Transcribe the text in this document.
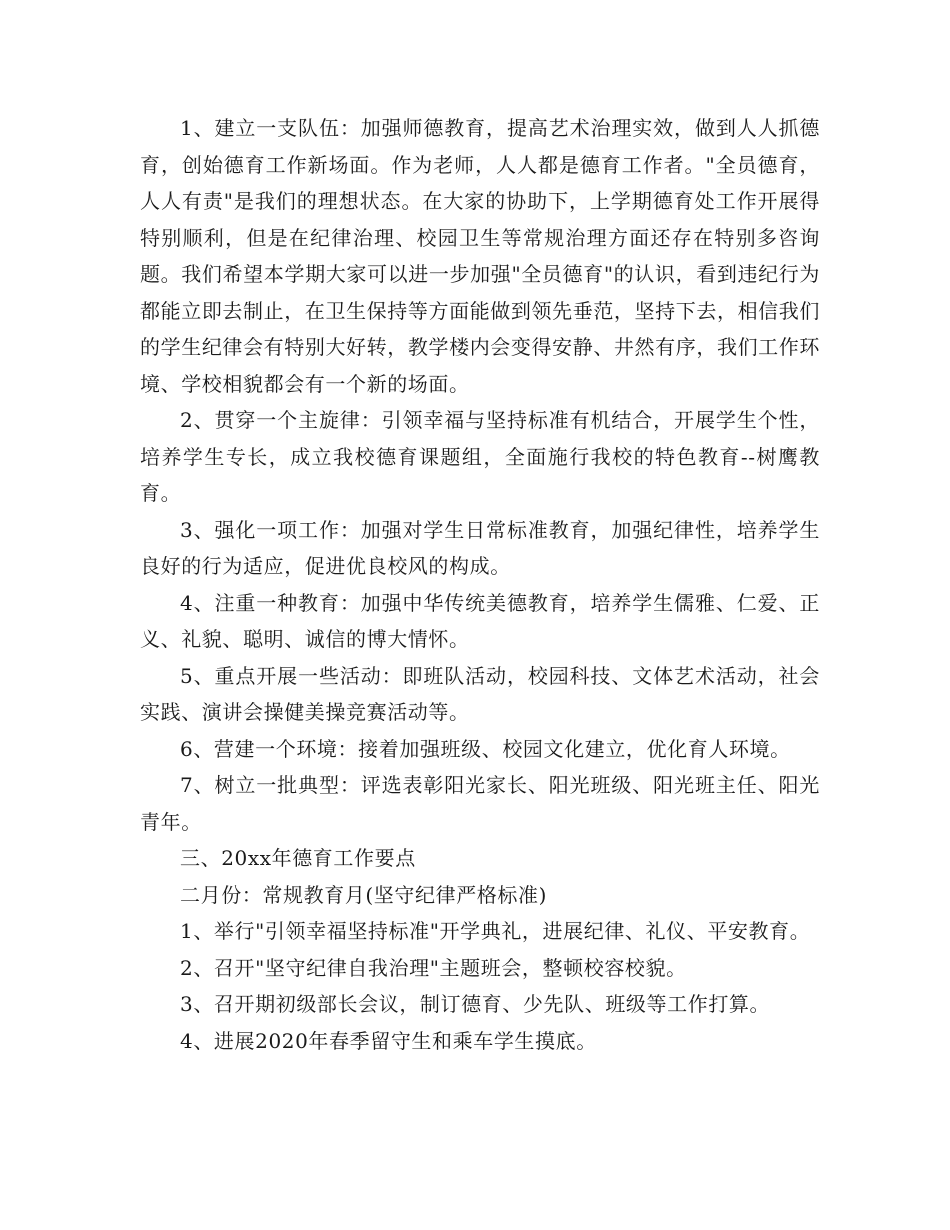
1、建立一支队伍：加强师德教育，提高艺术治理实效，做到人人抓德育，创始德育工作新场面。作为老师，人人都是德育工作者。"全员德育，人人有责"是我们的理想状态。在大家的协助下，上学期德育处工作开展得特别顺利，但是在纪律治理、校园卫生等常规治理方面还存在特别多咨询题。我们希望本学期大家可以进一步加强"全员德育"的认识，看到违纪行为都能立即去制止，在卫生保持等方面能做到领先垂范，坚持下去，相信我们的学生纪律会有特别大好转，教学楼内会变得安静、井然有序，我们工作环境、学校相貌都会有一个新的场面。

2、贯穿一个主旋律：引领幸福与坚持标准有机结合，开展学生个性，培养学生专长，成立我校德育课题组，全面施行我校的特色教育--树鹰教育。

3、强化一项工作：加强对学生日常标准教育，加强纪律性，培养学生良好的行为适应，促进优良校风的构成。

4、注重一种教育：加强中华传统美德教育，培养学生儒雅、仁爱、正义、礼貌、聪明、诚信的博大情怀。

5、重点开展一些活动：即班队活动，校园科技、文体艺术活动，社会实践、演讲会操健美操竞赛活动等。

6、营建一个环境：接着加强班级、校园文化建立，优化育人环境。

7、树立一批典型：评选表彰阳光家长、阳光班级、阳光班主任、阳光青年。

三、20xx年德育工作要点

二月份：常规教育月(坚守纪律严格标准)

1、举行"引领幸福坚持标准"开学典礼，进展纪律、礼仪、平安教育。

2、召开"坚守纪律自我治理"主题班会，整顿校容校貌。

3、召开期初级部长会议，制订德育、少先队、班级等工作打算。

4、进展2020年春季留守生和乘车学生摸底。
